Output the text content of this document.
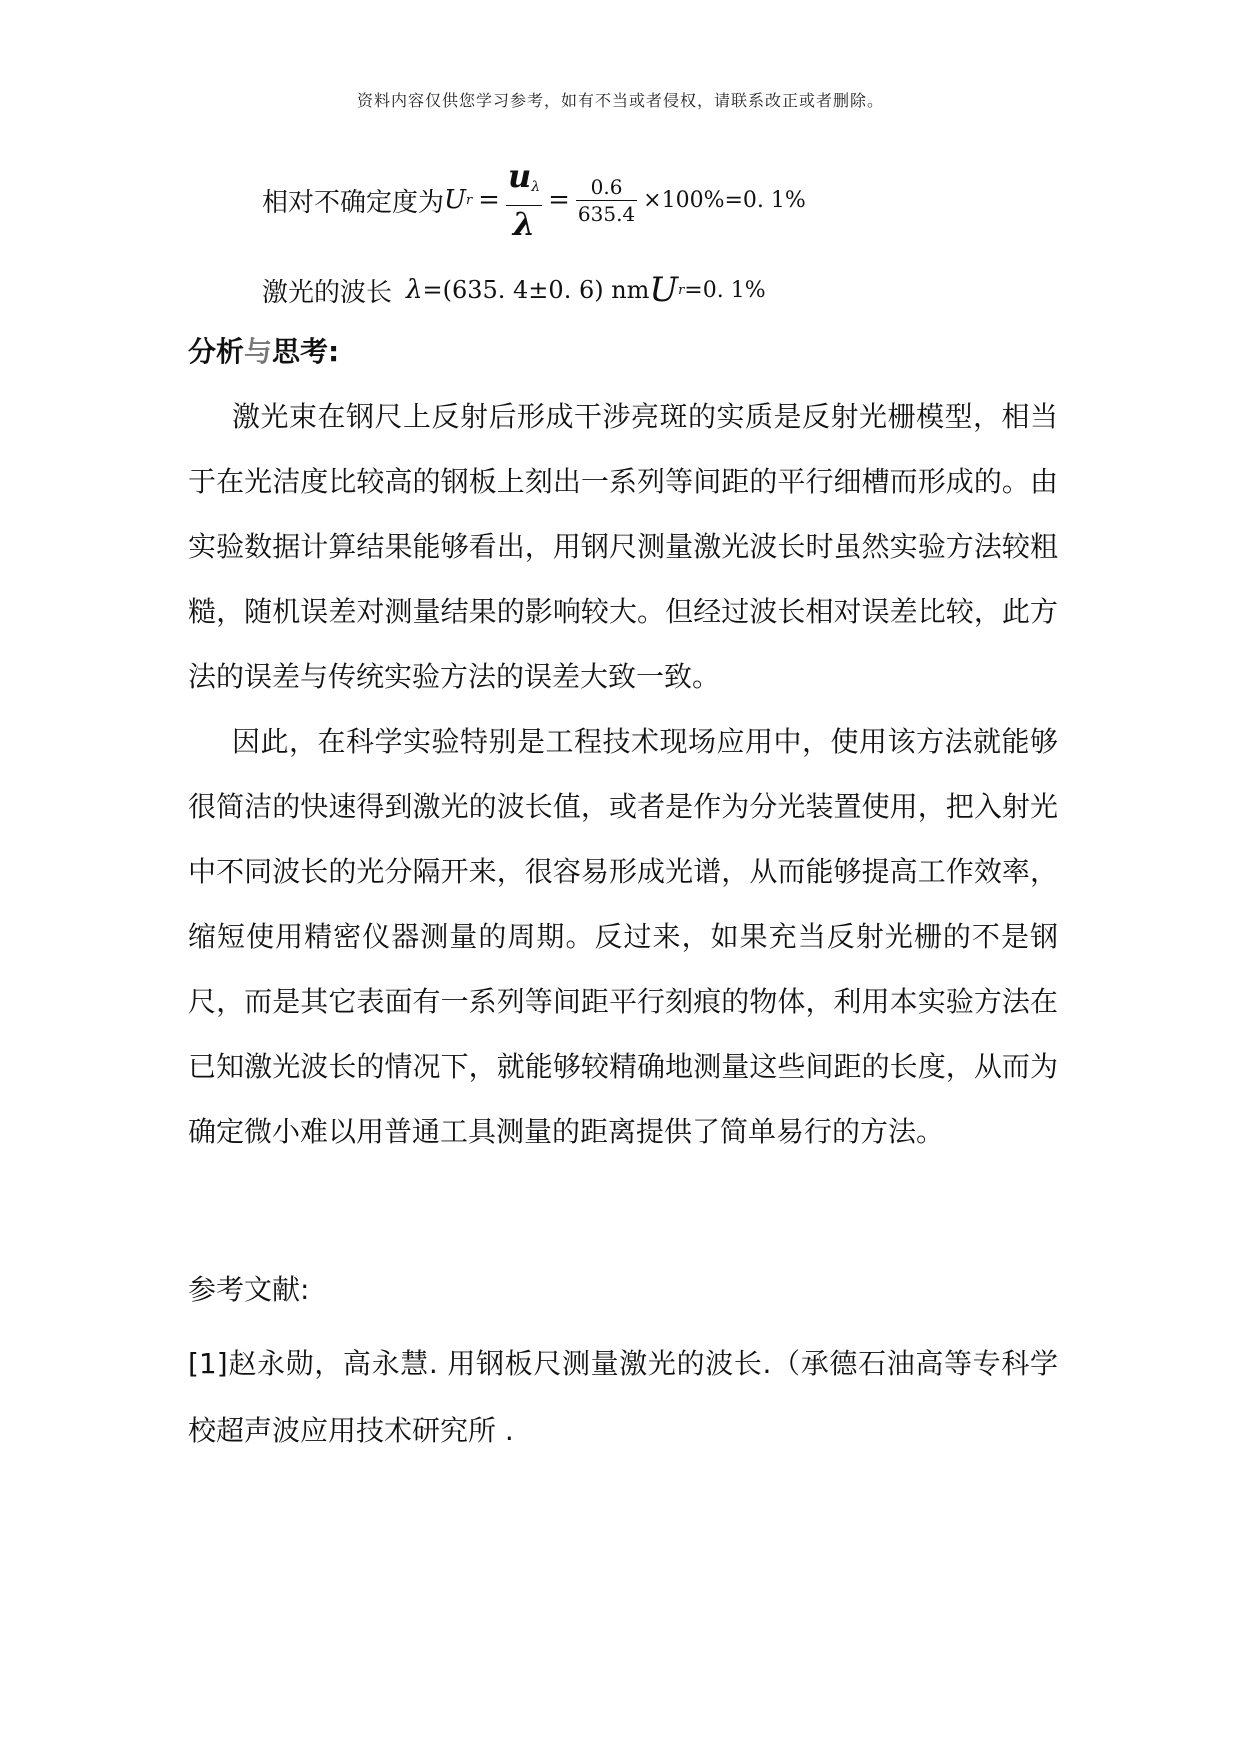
资料内容仅供您学习参考，如有不当或者侵权，请联系改正或者删除。
相对不确定度为 U $r = \frac{u\lambda}{\lambda} = \frac{0.6}{635.4} \times 100\%=0$. 1%
激光的波长 λ =(635. 4±0. 6) nm U r =0. 1%
分析与思考:

激光束在钢尺上反射后形成干涉亮斑的实质是反射光栅模型，相当于在光洁度比较高的钢板上刻出一系列等间距的平行细槽而形成的。由实验数据计算结果能够看出，用钢尺测量激光波长时虽然实验方法较粗糙，随机误差对测量结果的影响较大。但经过波长相对误差比较，此方法的误差与传统实验方法的误差大致一致。

因此，在科学实验特别是工程技术现场应用中，使用该方法就能够很简洁的快速得到激光的波长值，或者是作为分光装置使用，把入射光中不同波长的光分隔开来，很容易形成光谱，从而能够提高工作效率，缩短使用精密仪器测量的周期。反过来，如果充当反射光栅的不是钢尺，而是其它表面有一系列等间距平行刻痕的物体，利用本实验方法在已知激光波长的情况下，就能够较精确地测量这些间距的长度，从而为确定微小难以用普通工具测量的距离提供了简单易行的方法。

参考文献:
[1]赵永勋，高永慧. 用钢板尺测量激光的波长.（承德石油高等专科学校超声波应用技术研究所 .
